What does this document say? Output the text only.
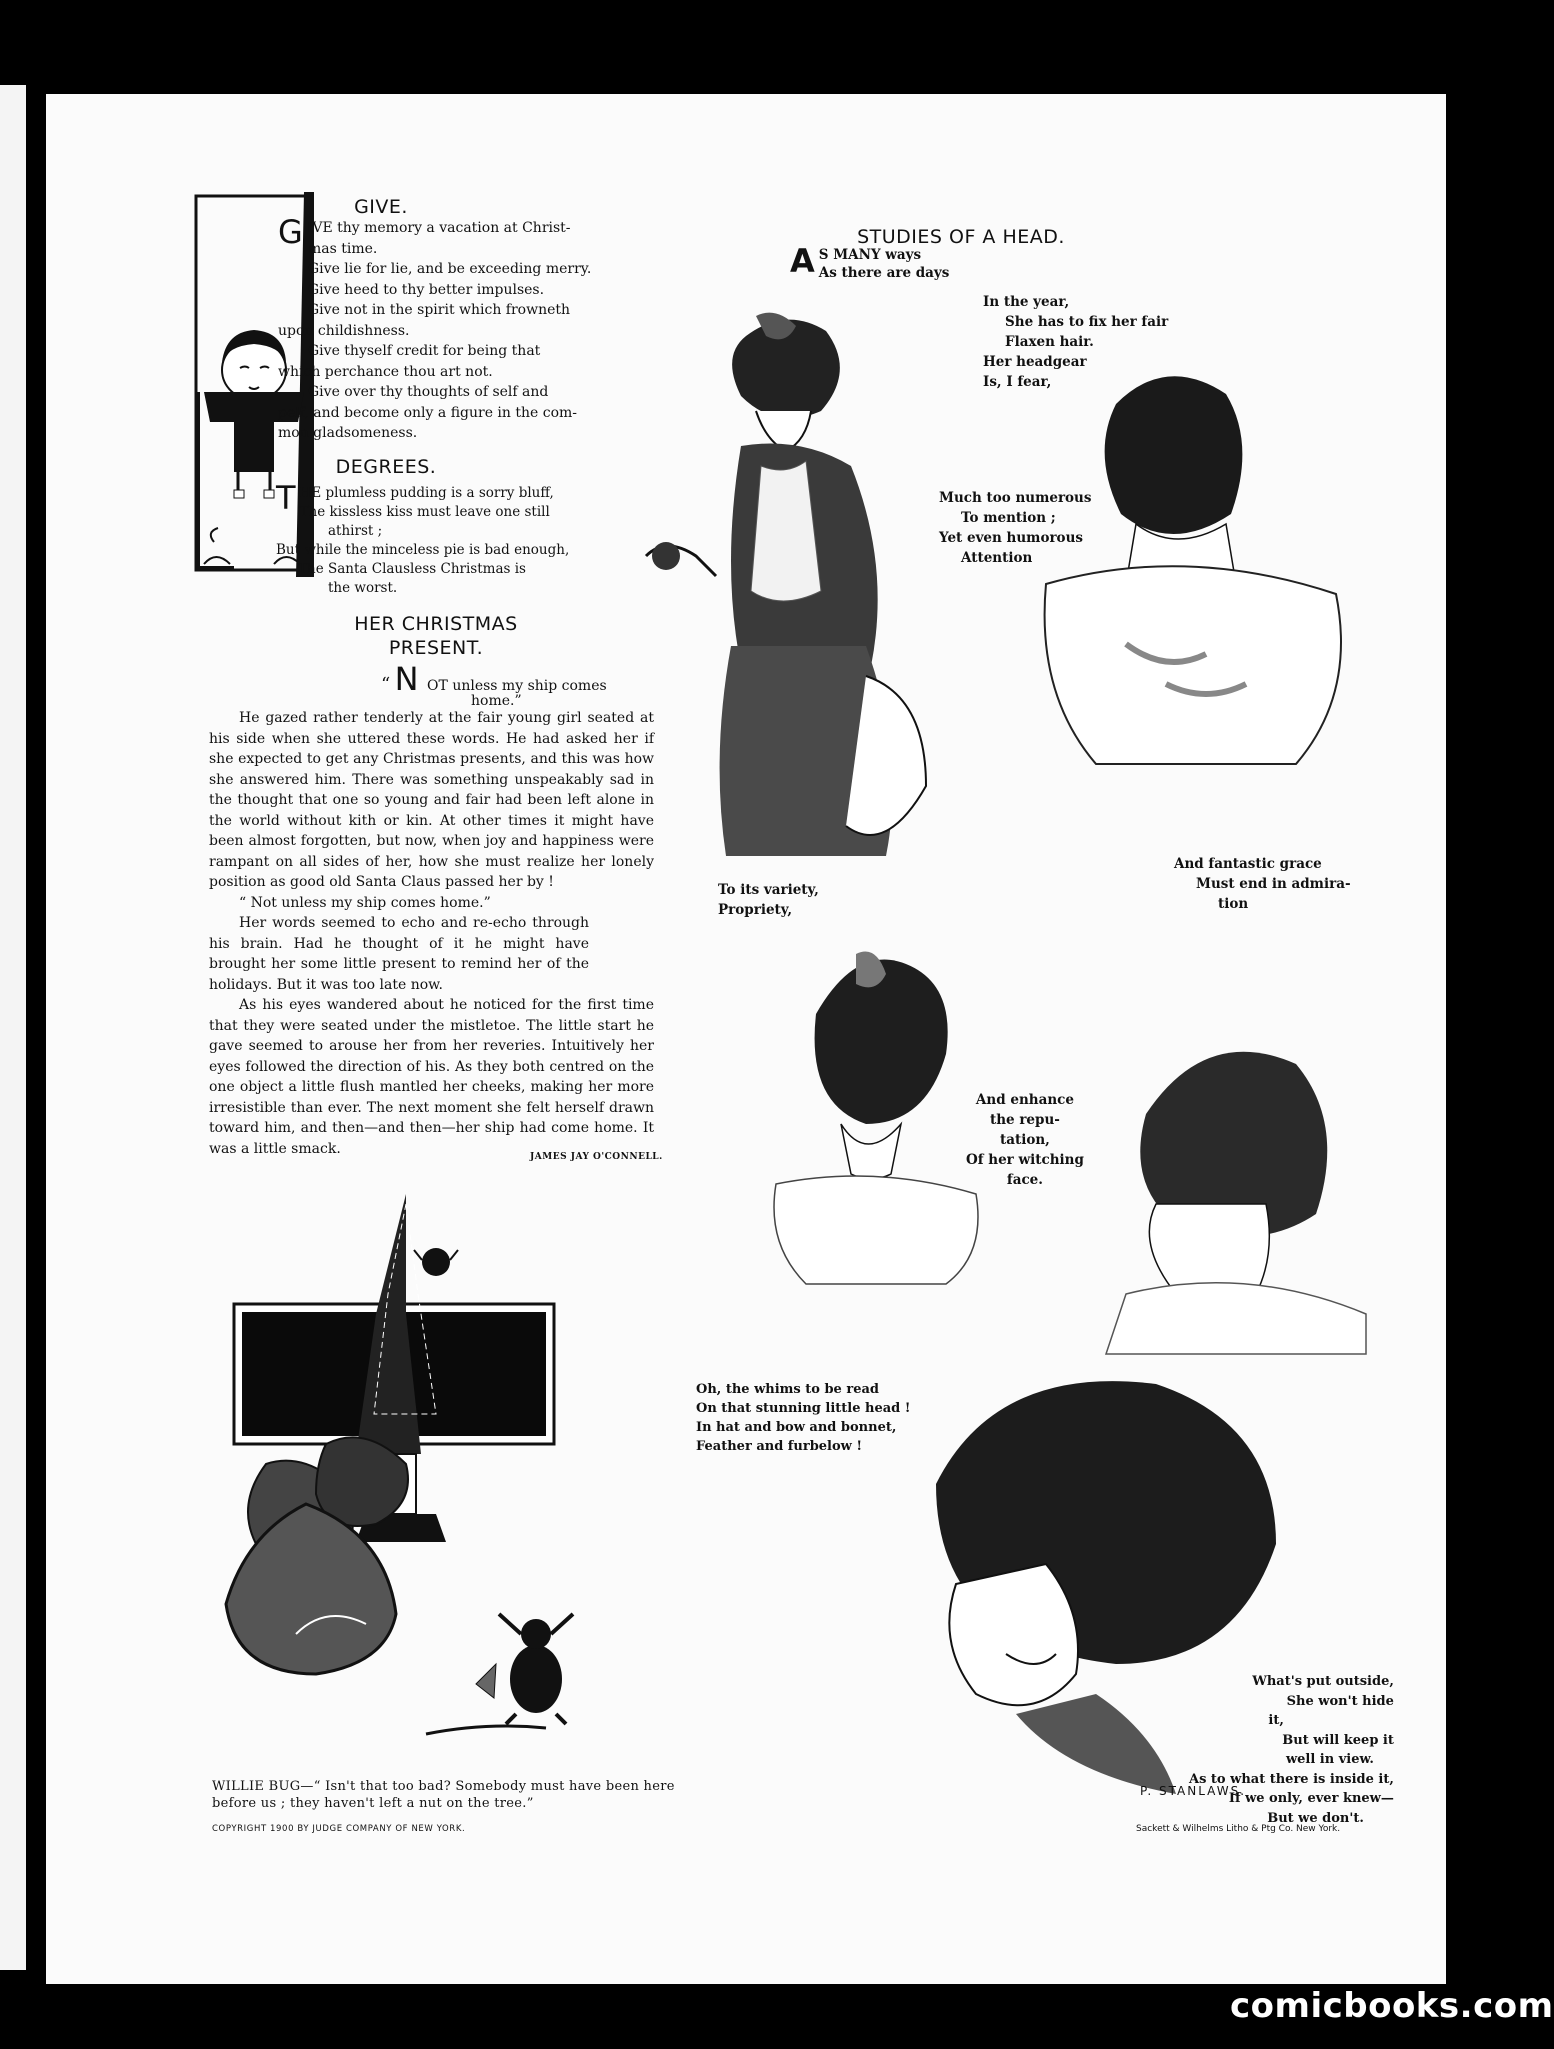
GIVE.
G IVE thy memory a vacation at Christ-
mas time.
Give lie for lie, and be exceeding merry.
Give heed to thy better impulses.
Give not in the spirit which frowneth
upon childishness.
Give thyself credit for being that
which perchance thou art not.
Give over thy thoughts of self and
pelf, and become only a figure in the com-
mon gladsomeness.
DEGREES.
T HE plumless pudding is a sorry bluff,
The kissless kiss must leave one still
athirst ;
But while the minceless pie is bad enough,
The Santa Clausless Christmas is
the worst.
HER CHRISTMAS
PRESENT.
“ N OT unless my ship comes
home.”

He gazed rather tenderly at the fair young girl seated at his side when she uttered these words. He had asked her if she expected to get any Christmas presents, and this was how she answered him. There was something unspeakably sad in the thought that one so young and fair had been left alone in the world without kith or kin. At other times it might have been almost forgotten, but now, when joy and happiness were rampant on all sides of her, how she must realize her lonely position as good old Santa Claus passed her by !

“ Not unless my ship comes home.”

Her words seemed to echo and re-echo through his brain. Had he thought of it he might have brought her some little present to remind her of the holidays. But it was too late now.

As his eyes wandered about he noticed for the first time that they were seated under the mistletoe. The little start he gave seemed to arouse her from her reveries. Intuitively her eyes followed the direction of his. As they both centred on the one object a little flush mantled her cheeks, making her more irresistible than ever. The next moment she felt herself drawn toward him, and then—and then—her ship had come home. It was a little smack.

JAMES JAY O'CONNELL.
WILLIE BUG—“ Isn't that too bad? Somebody must have been here before us ; they haven't left a nut on the tree.”
COPYRIGHT 1900 BY JUDGE COMPANY OF NEW YORK.	Sackett & Wilhelms Litho & Ptg Co. New York.
STUDIES OF A HEAD.
A S MANY ways
As there are days
In the year,
She has to fix her fair
Flaxen hair.
Her headgear
Is, I fear,
Much too numerous
To mention ;
Yet even humorous
Attention
To its variety,
Propriety,
And fantastic grace
Must end in admira-
tion
And enhance
the repu-
tation,
Of her witching
face.
Oh, the whims to be read
On that stunning little head !
In hat and bow and bonnet,
Feather and furbelow !
What's put outside,
She won't hide
it,
But will keep it
well in view.
As to what there is inside it,
If we only, ever knew—
But we don't.
P. STANLAWS.
comicbooks.com
